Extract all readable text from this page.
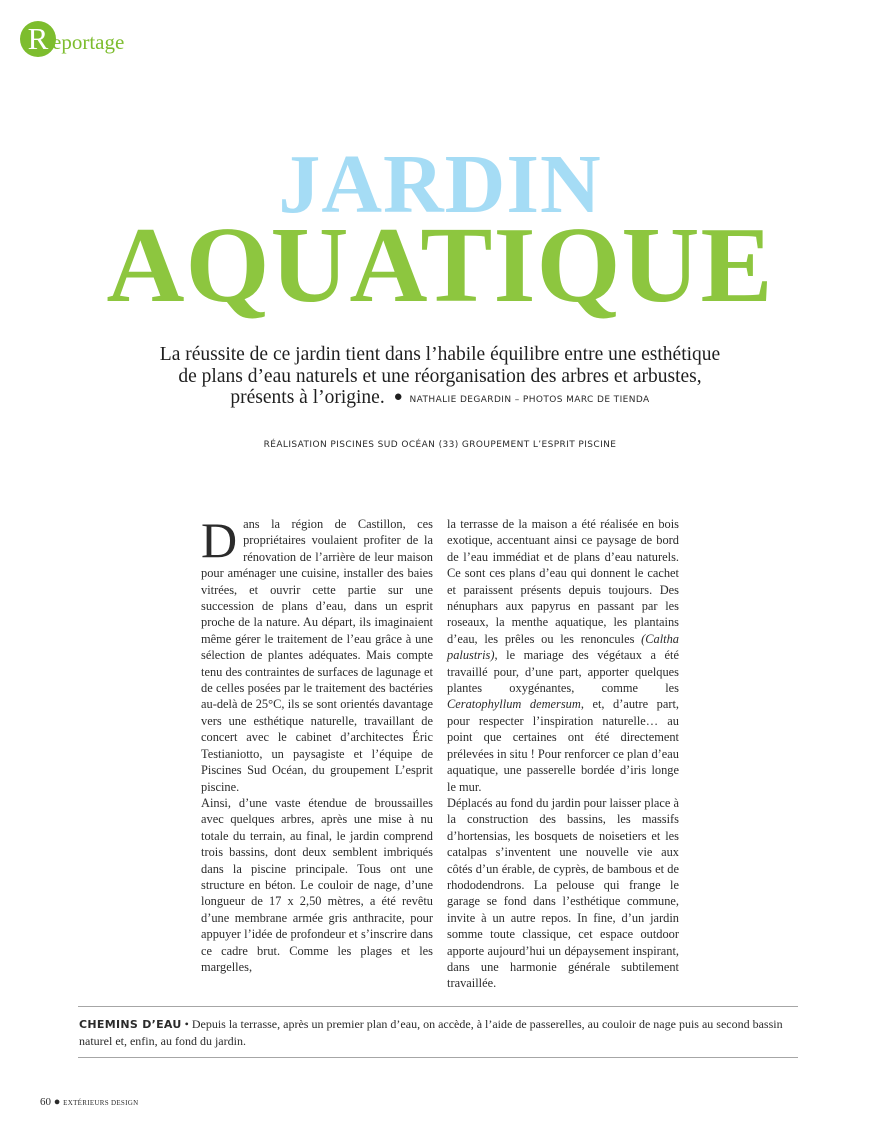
R eportage
JARDIN
AQUATIQUE
La réussite de ce jardin tient dans l’habile équilibre entre une esthétique de plans d’eau naturels et une réorganisation des arbres et arbustes, présents à l’origine. ● NATHALIE DEGARDIN – PHOTOS MARC DE TIENDA
RÉALISATION PISCINES SUD OCÉAN (33) GROUPEMENT L’ESPRIT PISCINE

Dans la région de Castillon, ces propriétaires voulaient profiter de la rénovation de l’arrière de leur maison pour aménager une cuisine, installer des baies vitrées, et ouvrir cette partie sur une succession de plans d’eau, dans un esprit proche de la nature. Au départ, ils imaginaient même gérer le traitement de l’eau grâce à une sélection de plantes adéquates. Mais compte tenu des contraintes de surfaces de lagunage et de celles posées par le traitement des bactéries au-delà de 25°C, ils se sont orientés davantage vers une esthétique naturelle, travaillant de concert avec le cabinet d’architectes Éric Testianiotto, un paysagiste et l’équipe de Piscines Sud Océan, du groupement L’esprit piscine.

Ainsi, d’une vaste étendue de broussailles avec quelques arbres, après une mise à nu totale du terrain, au final, le jardin comprend trois bassins, dont deux semblent imbriqués dans la piscine principale. Tous ont une structure en béton. Le couloir de nage, d’une longueur de 17 x 2,50 mètres, a été revêtu d’une membrane armée gris anthracite, pour appuyer l’idée de profondeur et s’inscrire dans ce cadre brut. Comme les plages et les margelles,

la terrasse de la maison a été réalisée en bois exotique, accentuant ainsi ce paysage de bord de l’eau immédiat et de plans d’eau naturels. Ce sont ces plans d’eau qui donnent le cachet et paraissent présents depuis toujours. Des nénuphars aux papyrus en passant par les roseaux, la menthe aquatique, les plantains d’eau, les prêles ou les renoncules (Caltha palustris), le mariage des végétaux a été travaillé pour, d’une part, apporter quelques plantes oxygénantes, comme les Ceratophyllum demersum, et, d’autre part, pour respecter l’inspiration naturelle… au point que certaines ont été directement prélevées in situ ! Pour renforcer ce plan d’eau aquatique, une passerelle bordée d’iris longe le mur.

Déplacés au fond du jardin pour laisser place à la construction des bassins, les massifs d’hortensias, les bosquets de noisetiers et les catalpas s’inventent une nouvelle vie aux côtés d’un érable, de cyprès, de bambous et de rhododendrons. La pelouse qui frange le garage se fond dans l’esthétique commune, invite à un autre repos. In fine, d’un jardin somme toute classique, cet espace outdoor apporte aujourd’hui un dépaysement inspirant, dans une harmonie générale subtilement travaillée.

CHEMINS D’EAU • Depuis la terrasse, après un premier plan d’eau, on accède, à l’aide de passerelles, au couloir de nage puis au second bassin naturel et, enfin, au fond du jardin.
60 ● EXTÉRIEURS DESIGN
